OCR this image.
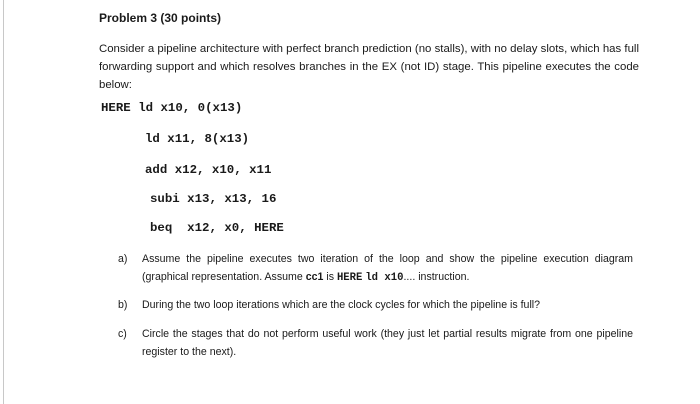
Problem 3 (30 points)
Consider a pipeline architecture with perfect branch prediction (no stalls), with no delay slots, which has full forwarding support and which resolves branches in the EX (not ID) stage. This pipeline executes the code below:
HERE ld x10, 0(x13)
ld x11, 8(x13)
add x12, x10, x11
subi x13, x13, 16
beq  x12, x0, HERE
a) Assume the pipeline executes two iteration of the loop and show the pipeline execution diagram (graphical representation. Assume cc1 is HERE ld x10.... instruction.
b) During the two loop iterations which are the clock cycles for which the pipeline is full?
c) Circle the stages that do not perform useful work (they just let partial results migrate from one pipeline register to the next).
